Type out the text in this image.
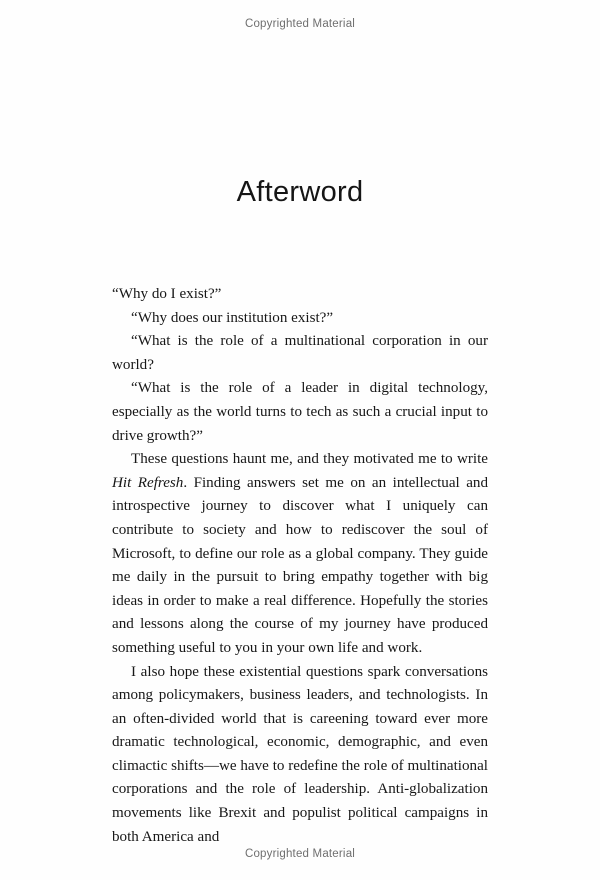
Copyrighted Material
Afterword

“Why do I exist?”

“Why does our institution exist?”

“What is the role of a multinational corporation in our world?

“What is the role of a leader in digital technology, especially as the world turns to tech as such a crucial input to drive growth?”

These questions haunt me, and they motivated me to write Hit Refresh. Finding answers set me on an intellectual and introspective journey to discover what I uniquely can contribute to society and how to rediscover the soul of Microsoft, to define our role as a global company. They guide me daily in the pursuit to bring empathy together with big ideas in order to make a real difference. Hopefully the stories and lessons along the course of my journey have produced something useful to you in your own life and work.

I also hope these existential questions spark conversations among policymakers, business leaders, and technologists. In an often-divided world that is careening toward ever more dramatic technological, economic, demographic, and even climactic shifts—we have to redefine the role of multinational corporations and the role of leadership. Anti-globalization movements like Brexit and populist political campaigns in both America and

Copyrighted Material
